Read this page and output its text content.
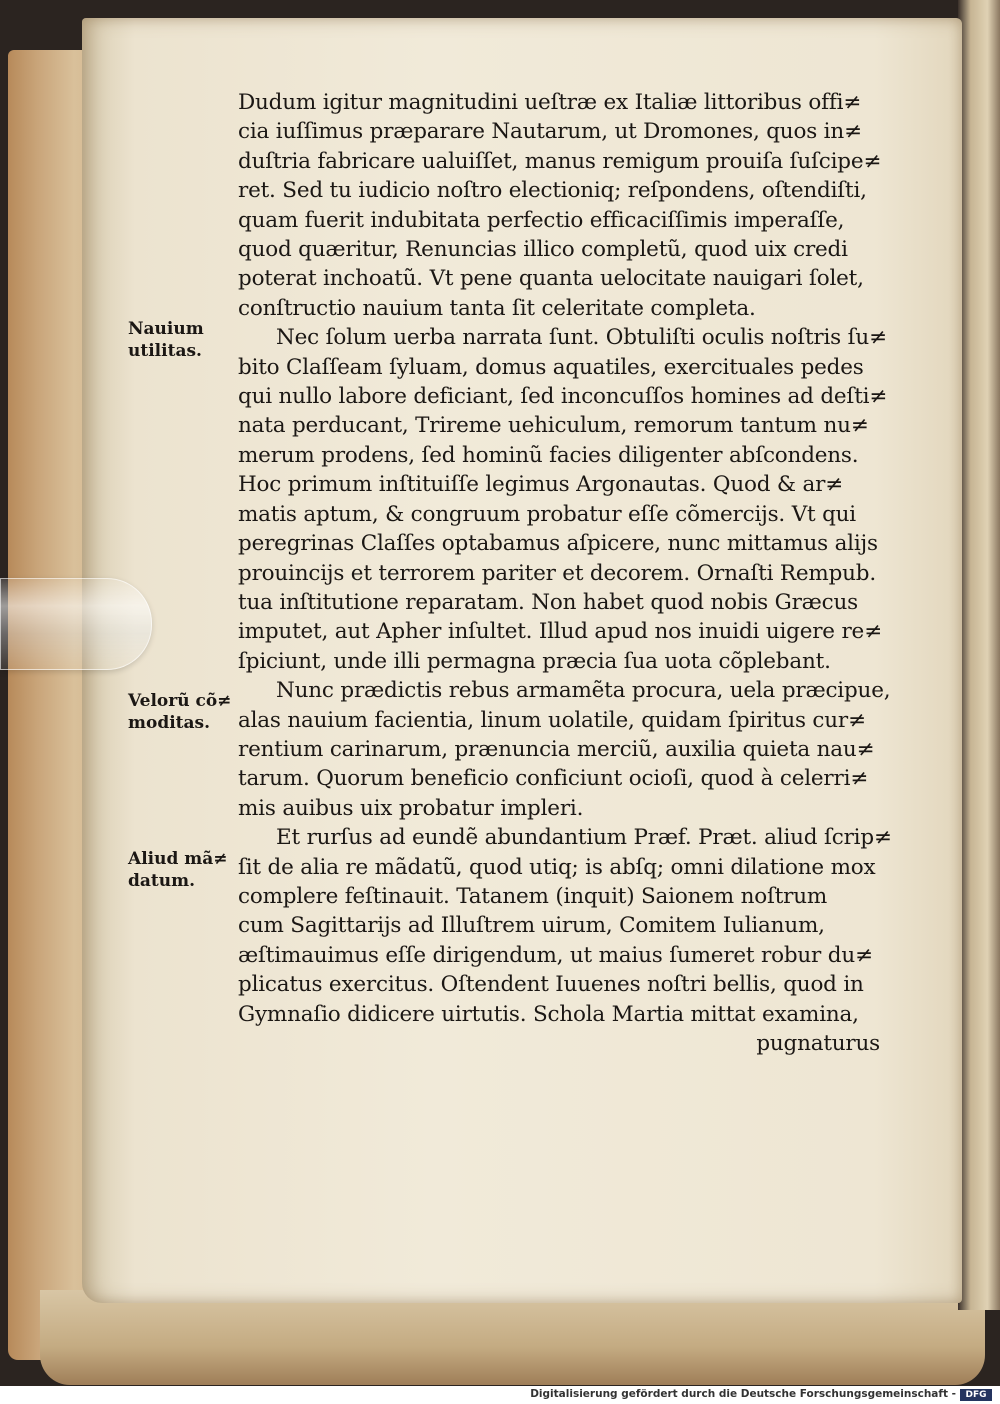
Dudum igitur magnitudini ueſtræ ex Italiæ littoribus offi≠
cia iuſſimus præparare Nautarum, ut Dromones, quos in≠
duſtria fabricare ualuiſſet, manus remigum prouiſa ſuſcipe≠
ret. Sed tu iudicio noſtro electioniq; reſpondens, oſtendiſti,
quam fuerit indubitata perfectio efficaciſſimis imperaſſe,
quod quæritur, Renuncias illico completũ, quod uix credi
poterat inchoatũ. Vt pene quanta uelocitate nauigari ſolet,
conſtructio nauium tanta ſit celeritate completa.
Nec ſolum uerba narrata ſunt. Obtuliſti oculis noſtris ſu≠
bito Claſſeam ſyluam, domus aquatiles, exercituales pedes
qui nullo labore deficiant, ſed inconcuſſos homines ad deſti≠
nata perducant, Trireme uehiculum, remorum tantum nu≠
merum prodens, ſed hominũ facies diligenter abſcondens.
Hoc primum inſtituiſſe legimus Argonautas. Quod & ar≠
matis aptum, & congruum probatur eſſe cõmercijs. Vt qui
peregrinas Claſſes optabamus aſpicere, nunc mittamus alijs
prouincijs et terrorem pariter et decorem. Ornaſti Rempub.
tua inſtitutione reparatam. Non habet quod nobis Græcus
imputet, aut Apher inſultet. Illud apud nos inuidi uigere re≠
ſpiciunt, unde illi permagna præcia ſua uota cõplebant.
Nunc prædictis rebus armamẽta procura, uela præcipue,
alas nauium facientia, linum uolatile, quidam ſpiritus cur≠
rentium carinarum, prænuncia merciũ, auxilia quieta nau≠
tarum. Quorum beneficio conficiunt ocioſi, quod à celerri≠
mis auibus uix probatur impleri.
Et rurſus ad eundẽ abundantium Præf. Præt. aliud ſcrip≠
ſit de alia re mãdatũ, quod utiq; is abſq; omni dilatione mox
complere feſtinauit. Tatanem (inquit) Saionem noſtrum
cum Sagittarijs ad Illuſtrem uirum, Comitem Iulianum,
æſtimauimus eſſe dirigendum, ut maius ſumeret robur du≠
plicatus exercitus. Oſtendent Iuuenes noſtri bellis, quod in
Gymnaſio didicere uirtutis. Schola Martia mittat examina,
pugnaturus
Nauium
utilitas.
Velorũ cõ≠
moditas.
Aliud mã≠
datum.
Digitalisierung gefördert durch die Deutsche Forschungsgemeinschaft -	DFG
